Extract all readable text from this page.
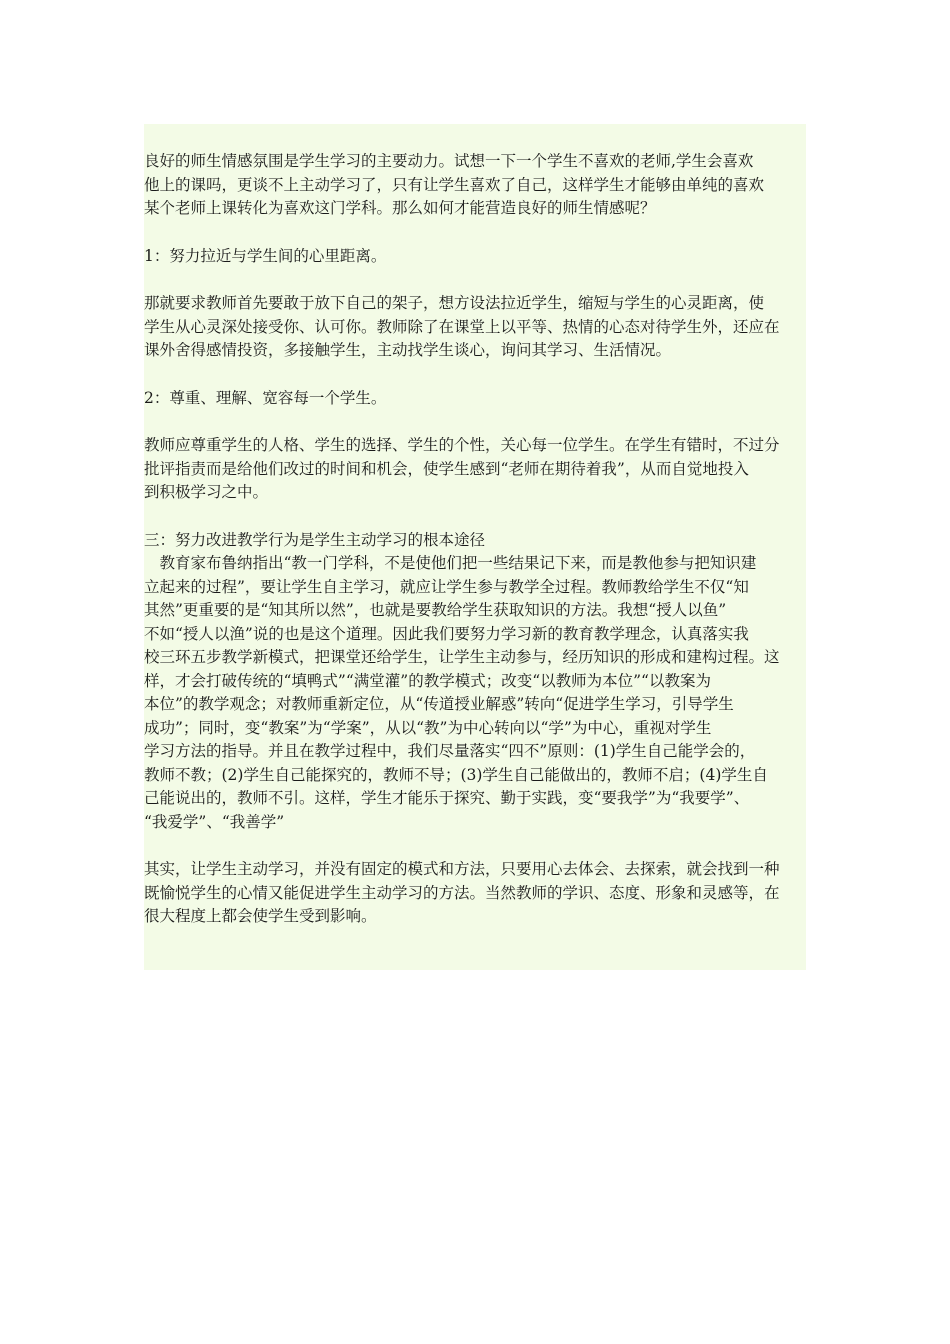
良好的师生情感氛围是学生学习的主要动力。试想一下一个学生不喜欢的老师,学生会喜欢
他上的课吗，更谈不上主动学习了，只有让学生喜欢了自己，这样学生才能够由单纯的喜欢
某个老师上课转化为喜欢这门学科。那么如何才能营造良好的师生情感呢？

1：努力拉近与学生间的心里距离。

那就要求教师首先要敢于放下自己的架子，想方设法拉近学生，缩短与学生的心灵距离，使
学生从心灵深处接受你、认可你。教师除了在课堂上以平等、热情的心态对待学生外，还应在
课外舍得感情投资，多接触学生，主动找学生谈心，询问其学习、生活情况。

2：尊重、理解、宽容每一个学生。

教师应尊重学生的人格、学生的选择、学生的个性，关心每一位学生。在学生有错时，不过分
批评指责而是给他们改过的时间和机会，使学生感到“老师在期待着我”，从而自觉地投入
到积极学习之中。

三：努力改进教学行为是学生主动学习的根本途径
　教育家布鲁纳指出“教一门学科，不是使他们把一些结果记下来，而是教他参与把知识建
立起来的过程”，要让学生自主学习，就应让学生参与教学全过程。教师教给学生不仅“知
其然”更重要的是“知其所以然”，也就是要教给学生获取知识的方法。我想“授人以鱼”
不如“授人以渔”说的也是这个道理。因此我们要努力学习新的教育教学理念，认真落实我
校三环五步教学新模式，把课堂还给学生，让学生主动参与，经历知识的形成和建构过程。这
样，才会打破传统的“填鸭式”“满堂灌”的教学模式；改变“以教师为本位”“以教案为
本位”的教学观念；对教师重新定位，从“传道授业解惑”转向“促进学生学习，引导学生
成功”；同时，变“教案”为“学案”，从以“教”为中心转向以“学”为中心，重视对学生
学习方法的指导。并且在教学过程中，我们尽量落实“四不”原则：(1)学生自己能学会的，
教师不教；(2)学生自己能探究的，教师不导；(3)学生自己能做出的，教师不启；(4)学生自
己能说出的，教师不引。这样，学生才能乐于探究、勤于实践，变“要我学”为“我要学”、
“我爱学”、“我善学”

其实，让学生主动学习，并没有固定的模式和方法，只要用心去体会、去探索，就会找到一种
既愉悦学生的心情又能促进学生主动学习的方法。当然教师的学识、态度、形象和灵感等，在
很大程度上都会使学生受到影响。
